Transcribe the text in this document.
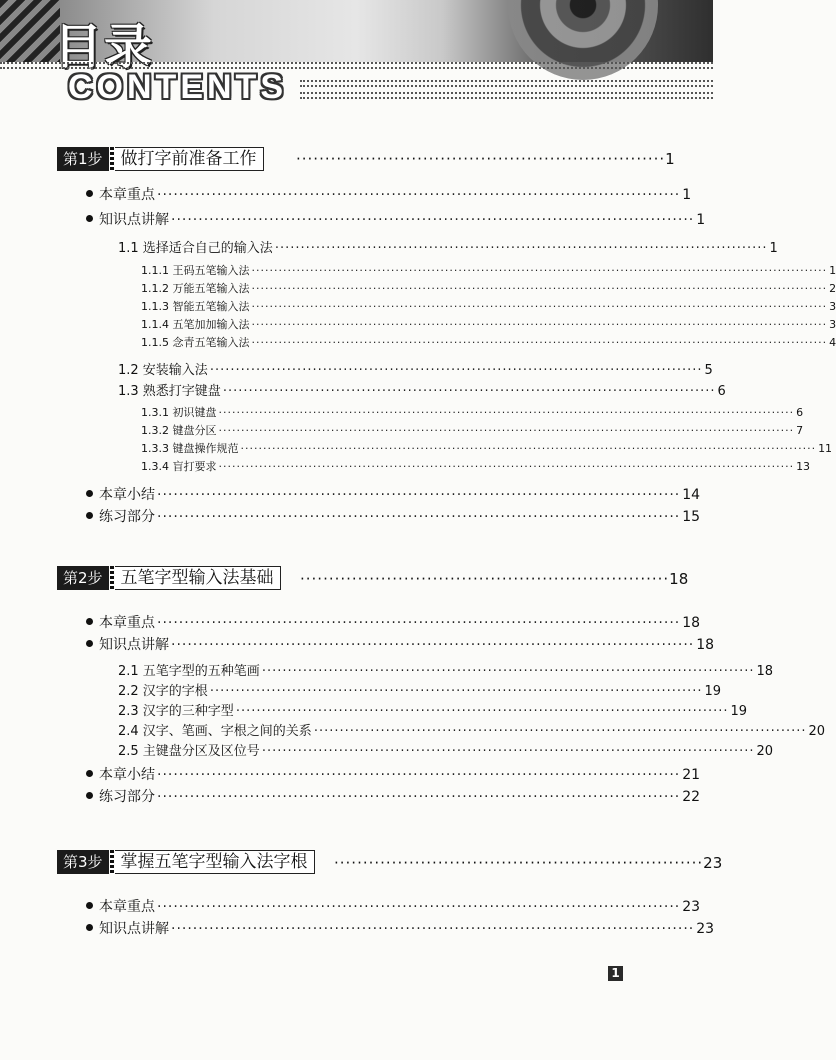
目录
CONTENTS
第1步	做打字前准备工作	································································ 1
本章重点 ································································································ 1
知识点讲解 ································································································ 1
1.1 选择适合自己的输入法 ································································································ 1
1.1.1 王码五笔输入法 ································································································································ 1
1.1.2 万能五笔输入法 ································································································································ 2
1.1.3 智能五笔输入法 ································································································································ 3
1.1.4 五笔加加输入法 ································································································································ 3
1.1.5 念青五笔输入法 ································································································································ 4
1.2 安装输入法 ································································································ 5
1.3 熟悉打字键盘 ································································································ 6
1.3.1 初识键盘 ································································································································ 6
1.3.2 键盘分区 ································································································································ 7
1.3.3 键盘操作规范 ································································································································ 11
1.3.4 盲打要求 ································································································································ 13
本章小结 ································································································ 14
练习部分 ································································································ 15
第2步	五笔字型输入法基础	································································ 18
本章重点 ································································································ 18
知识点讲解 ································································································ 18
2.1 五笔字型的五种笔画 ································································································ 18
2.2 汉字的字根 ································································································ 19
2.3 汉字的三种字型 ································································································ 19
2.4 汉字、笔画、字根之间的关系 ································································································ 20
2.5 主键盘分区及区位号 ································································································ 20
本章小结 ································································································ 21
练习部分 ································································································ 22
第3步	掌握五笔字型输入法字根	································································ 23
本章重点 ································································································ 23
知识点讲解 ································································································ 23
1
